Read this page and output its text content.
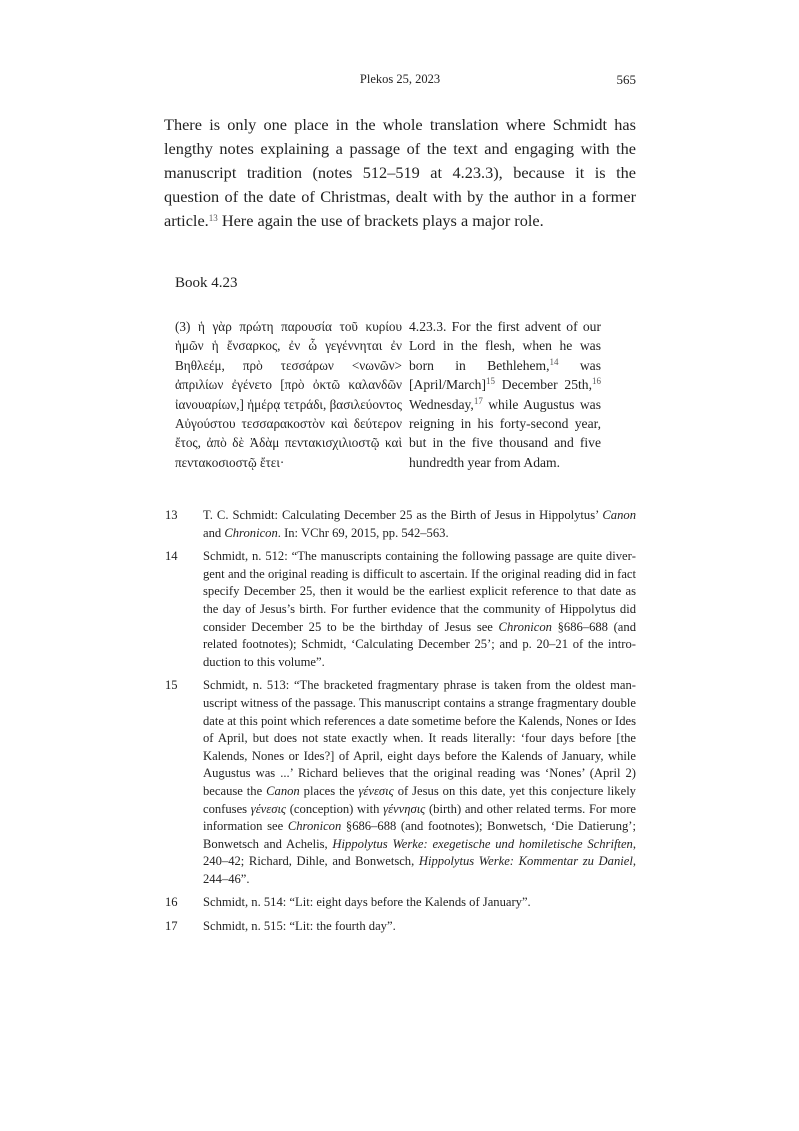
Plekos 25, 2023	565
There is only one place in the whole translation where Schmidt has lengthy notes explaining a passage of the text and engaging with the manuscript tradition (notes 512–519 at 4.23.3), because it is the question of the date of Christmas, dealt with by the author in a former article.$^{13}$ Here again the use of brackets plays a major role.
Book 4.23
(3) ἡ γὰρ πρώτη παρουσία τοῦ κυρίου ἡμῶν ἡ ἔνσαρκος, ἐν ὧ γεγέννηται ἐν Βηθλεέμ, πρὸ τεσσάρων <νωνῶν> ἀπριλίων ἐγένετο [πρὸ ὀκτῶ καλανδῶν ἰανουαρίων,] ἡμέρᾳ τετράδι, βασιλεύοντος Αὐγούστου τεσσαρακοστὸν καὶ δεύτερον ἔτος, ἀπὸ δὲ Ἀδὰμ πεντακισχιλιοστῷ καὶ πεντακοσιοστῷ ἔτει·
4.23.3. For the first advent of our Lord in the flesh, when he was born in Bethlehem,$^{14}$ was [April/March]$^{15}$ December 25th,$^{16}$ Wednesday,$^{17}$ while Augustus was reigning in his forty-second year, but in the five thousand and five hundredth year from Adam.
13	T. C. Schmidt: Calculating December 25 as the Birth of Jesus in Hippolytus’ Canon and Chronicon. In: VChr 69, 2015, pp. 542–563.
14	Schmidt, n. 512: “The manuscripts containing the following passage are quite divergent and the original reading is difficult to ascertain. If the original reading did in fact specify December 25, then it would be the earliest explicit reference to that date as the day of Jesus’s birth. For further evidence that the community of Hippolytus did consider December 25 to be the birthday of Jesus see Chronicon §686–688 (and related footnotes); Schmidt, ‘Calculating December 25’; and p. 20–21 of the introduction to this volume”.
15	Schmidt, n. 513: “The bracketed fragmentary phrase is taken from the oldest manuscript witness of the passage. This manuscript contains a strange fragmentary double date at this point which references a date sometime before the Kalends, Nones or Ides of April, but does not state exactly when. It reads literally: ‘four days before [the Kalends, Nones or Ides?] of April, eight days before the Kalends of January, while Augustus was ...’ Richard believes that the original reading was ‘Nones’ (April 2) because the Canon places the γένεσις of Jesus on this date, yet this conjecture likely confuses γένεσις (conception) with γέννησις (birth) and other related terms. For more information see Chronicon §686–688 (and footnotes); Bonwetsch, ‘Die Datierung’; Bonwetsch and Achelis, Hippolytus Werke: exegetische und homiletische Schriften, 240–42; Richard, Dihle, and Bonwetsch, Hippolytus Werke: Kommentar zu Daniel, 244–46”.
16	Schmidt, n. 514: “Lit: eight days before the Kalends of January”.
17	Schmidt, n. 515: “Lit: the fourth day”.
